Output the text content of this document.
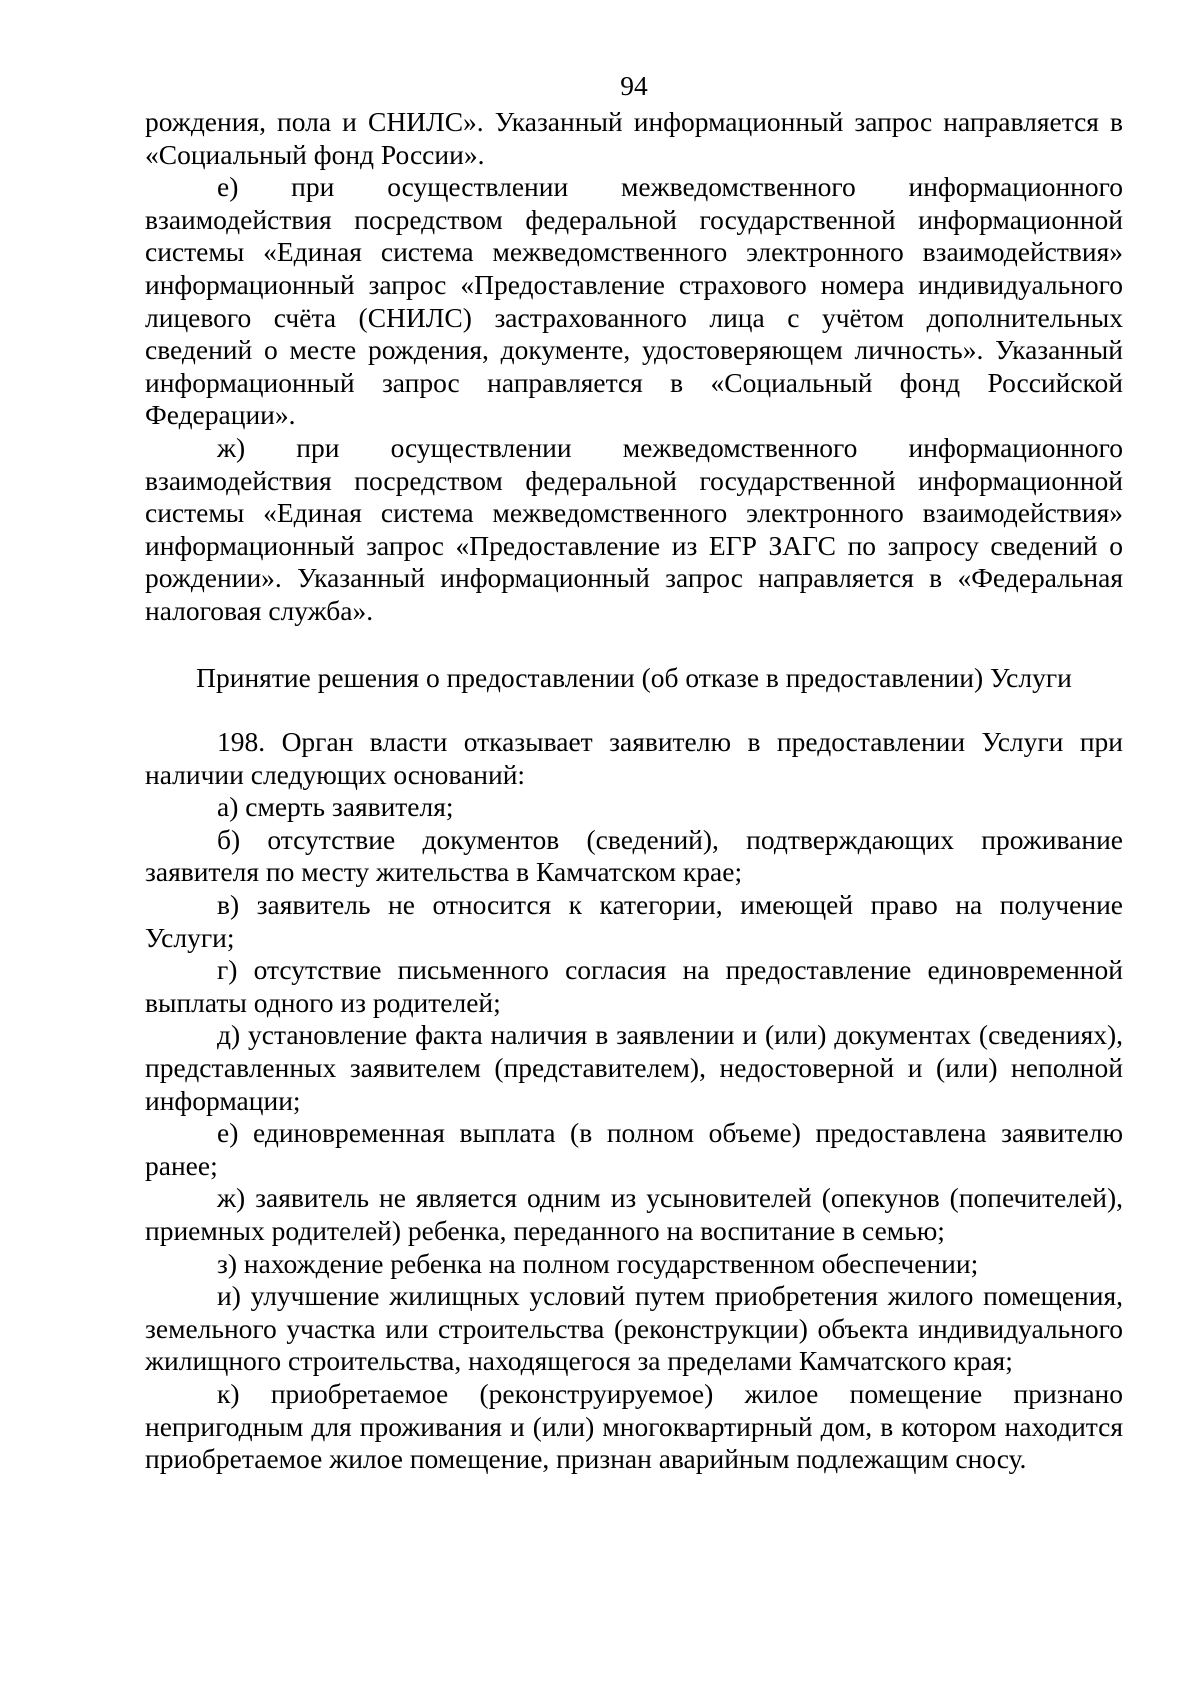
94

рождения, пола и СНИЛС». Указанный информационный запрос направляется в «Социальный фонд России».

е) при осуществлении межведомственного информационного взаимодействия посредством федеральной государственной информационной системы «Единая система межведомственного электронного взаимодействия» информационный запрос «Предоставление страхового номера индивидуального лицевого счёта (СНИЛС) застрахованного лица с учётом дополнительных сведений о месте рождения, документе, удостоверяющем личность». Указанный информационный запрос направляется в «Социальный фонд Российской Федерации».

ж) при осуществлении межведомственного информационного взаимодействия посредством федеральной государственной информационной системы «Единая система межведомственного электронного взаимодействия» информационный запрос «Предоставление из ЕГР ЗАГС по запросу сведений о рождении». Указанный информационный запрос направляется в «Федеральная налоговая служба».

Принятие решения о предоставлении (об отказе в предоставлении) Услуги

198. Орган власти отказывает заявителю в предоставлении Услуги при наличии следующих оснований:

а) смерть заявителя;

б) отсутствие документов (сведений), подтверждающих проживание заявителя по месту жительства в Камчатском крае;

в) заявитель не относится к категории, имеющей право на получение Услуги;

г) отсутствие письменного согласия на предоставление единовременной выплаты одного из родителей;

д) установление факта наличия в заявлении и (или) документах (сведениях), представленных заявителем (представителем), недостоверной и (или) неполной информации;

е) единовременная выплата (в полном объеме) предоставлена заявителю ранее;

ж) заявитель не является одним из усыновителей (опекунов (попечителей), приемных родителей) ребенка, переданного на воспитание в семью;

з) нахождение ребенка на полном государственном обеспечении;

и) улучшение жилищных условий путем приобретения жилого помещения, земельного участка или строительства (реконструкции) объекта индивидуального жилищного строительства, находящегося за пределами Камчатского края;

к) приобретаемое (реконструируемое) жилое помещение признано непригодным для проживания и (или) многоквартирный дом, в котором находится приобретаемое жилое помещение, признан аварийным подлежащим сносу.
